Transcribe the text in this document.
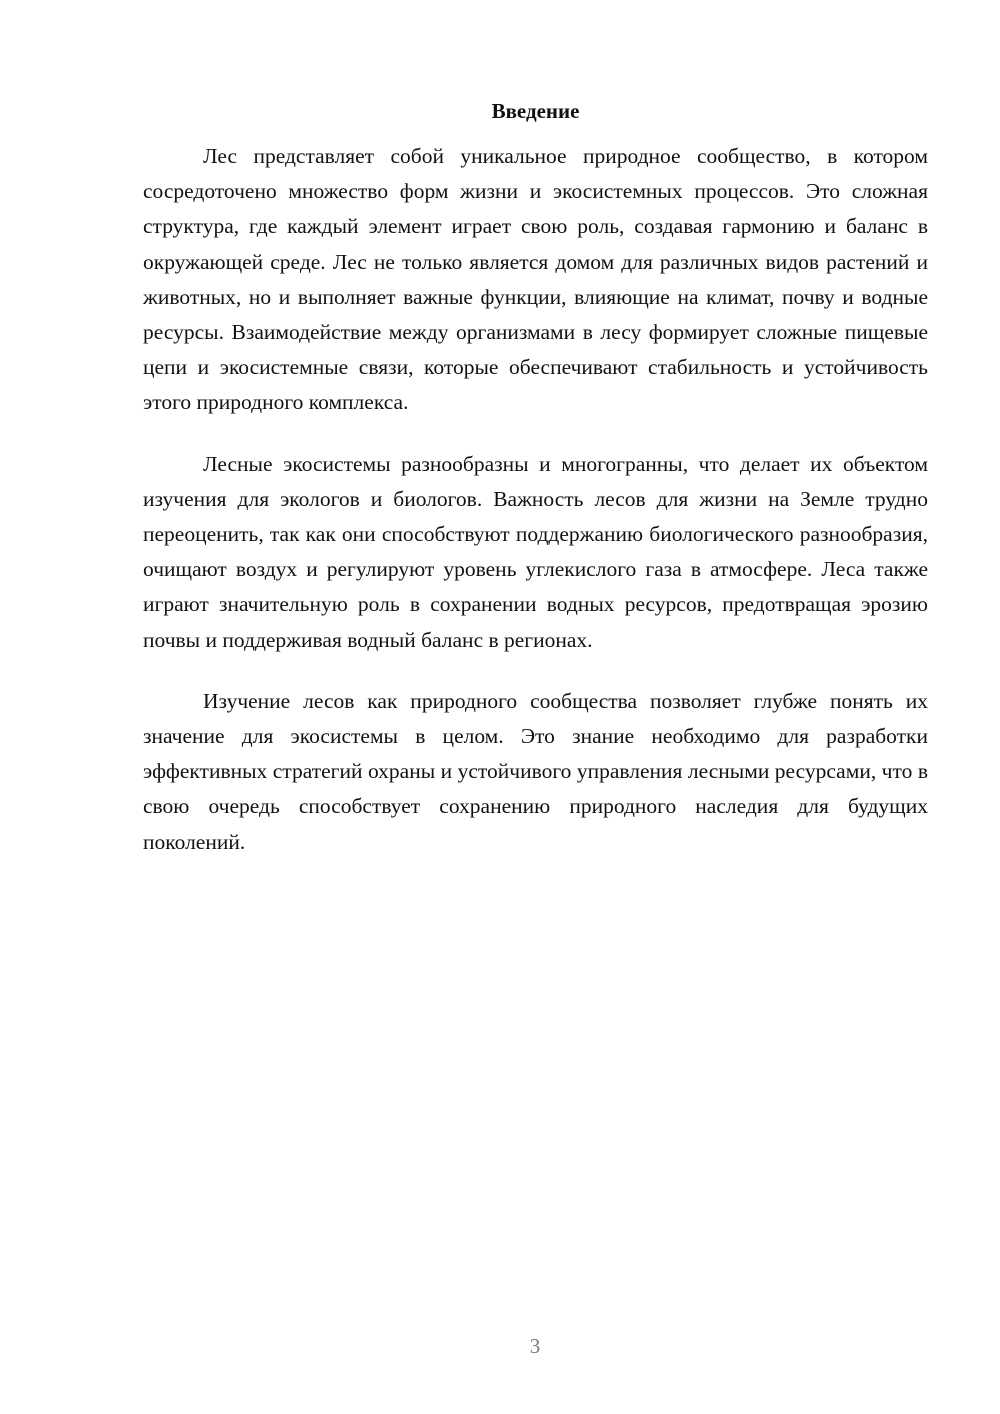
Введение

Лес представляет собой уникальное природное сообщество, в котором сосредоточено множество форм жизни и экосистемных процессов. Это сложная структура, где каждый элемент играет свою роль, создавая гармонию и баланс в окружающей среде. Лес не только является домом для различных видов растений и животных, но и выполняет важные функции, влияющие на климат, почву и водные ресурсы. Взаимодействие между организмами в лесу формирует сложные пищевые цепи и экосистемные связи, которые обеспечивают стабильность и устойчивость этого природного комплекса.

Лесные экосистемы разнообразны и многогранны, что делает их объектом изучения для экологов и биологов. Важность лесов для жизни на Земле трудно переоценить, так как они способствуют поддержанию биологического разнообразия, очищают воздух и регулируют уровень углекислого газа в атмосфере. Леса также играют значительную роль в сохранении водных ресурсов, предотвращая эрозию почвы и поддерживая водный баланс в регионах.

Изучение лесов как природного сообщества позволяет глубже понять их значение для экосистемы в целом. Это знание необходимо для разработки эффективных стратегий охраны и устойчивого управления лесными ресурсами, что в свою очередь способствует сохранению природного наследия для будущих поколений.

3
